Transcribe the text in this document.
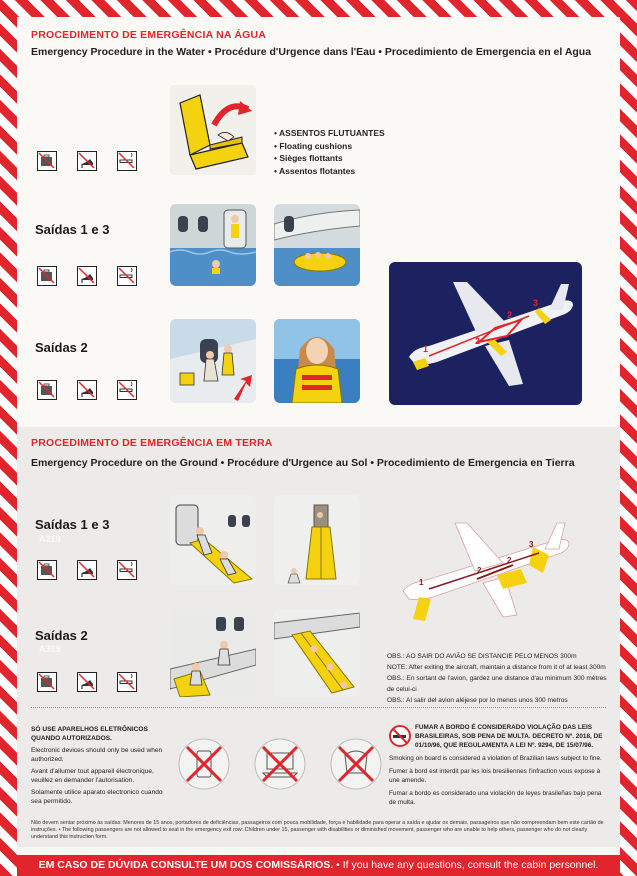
PROCEDIMENTO DE EMERGÊNCIA NA ÁGUA
Emergency Procedure in the Water • Procédure d'Urgence dans l'Eau • Procedimiento de Emergencia en el Agua
• ASSENTOS FLUTUANTES
• Floating cushions
• Sièges flottants
• Assentos flotantes
Saídas 1 e 3
Saídas 2	1
2
2
3
PROCEDIMENTO DE EMERGÊNCIA EM TERRA
Emergency Procedure on the Ground • Procédure d'Urgence au Sol • Procedimiento de Emergencia en Tierra
Saídas 1 e 3
A319
Saídas 2
A319
1
2
2
3
OBS.: AO SAIR DO AVIÃO SE DISTANCIE PELO MENOS 300m
NOTE: After exiting the aircraft, maintain a distance from it of at least 300m
OBS.: En sortant de l'avion, gardez une distance d'au minimum 300 mètres de celui-ci
OBS.: Al salir del avion aléjese por lo menos unos 300 metros
SÓ USE APARELHOS ELETRÔNICOS QUANDO AUTORIZADOS.

Electronic devices should only be used when authorized.

Avant d'allumer tout appareil électronique, veuillez en demander l'autorisation.

Solamente utilice aparato electronico cuando sea permitido.

FUMAR A BORDO É CONSIDERADO VIOLAÇÃO DAS LEIS BRASILEIRAS, SOB PENA DE MULTA. DECRETO Nº. 2018, DE 01/10/96, QUE REGULAMENTA A LEI Nº. 9294, DE 15/07/96.

Smoking on board is considered a violation of Brazilian laws subject to fine.

Fumer à bord est interdit par les lois bresiliennes l'infraction vous expose à une amende.

Fumar a bordo es considerado una violación de leyes brasileñas bajo pena de multa.

Não devem sentar próximo às saídas: Menores de 15 anos, portadores de deficiências, passageiros com pouca mobilidade, força e habilidade para operar a saída e ajudar os demais, passageiros que não compreendam bem este cartão de instruções. • The following passengers are not allowed to seat in the emergency exit row: Children under 15, passenger with disabilities or diminished movement, passenger who are unable to help others, passenger who do not clearly understand this instruction form.
EM CASO DE DÚVIDA CONSULTE UM DOS COMISSÁRIOS. • If you have any questions, consult the cabin personnel.
